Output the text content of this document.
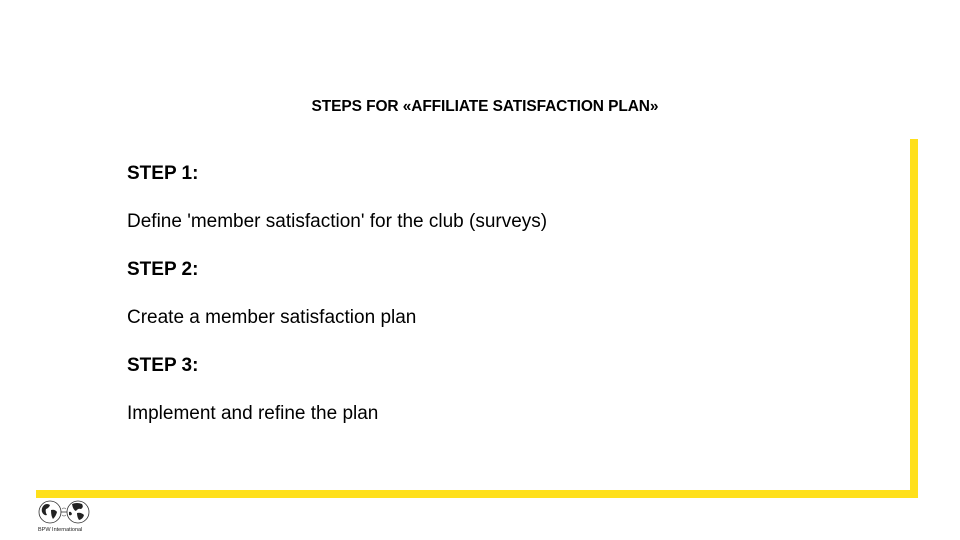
STEPS FOR «AFFILIATE SATISFACTION PLAN»

STEP 1:

Define 'member satisfaction' for the club (surveys)

STEP 2:

Create a member satisfaction plan

STEP 3:

Implement and refine the plan

BPW International
